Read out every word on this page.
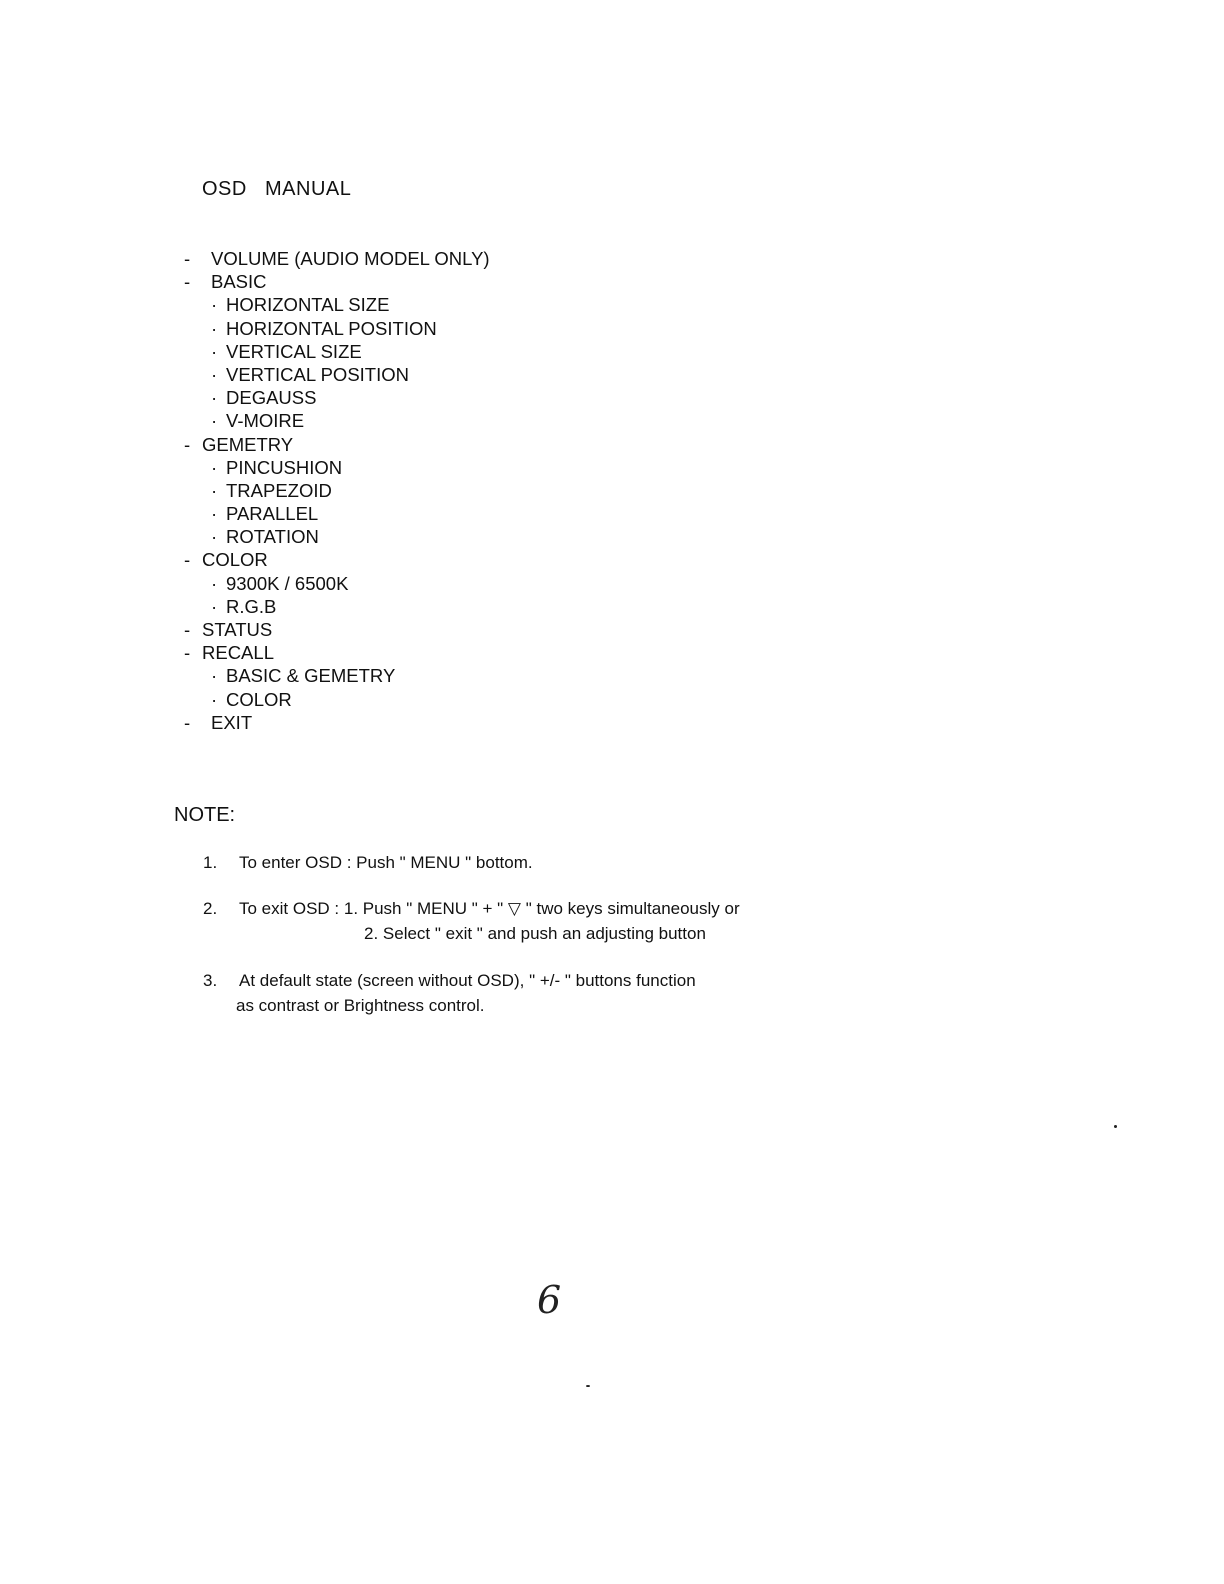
OSD   MANUAL
- VOLUME (AUDIO MODEL ONLY)
- BASIC
· HORIZONTAL SIZE
· HORIZONTAL POSITION
· VERTICAL SIZE
· VERTICAL POSITION
· DEGAUSS
· V-MOIRE
- GEMETRY
· PINCUSHION
· TRAPEZOID
· PARALLEL
· ROTATION
- COLOR
· 9300K / 6500K
· R.G.B
- STATUS
- RECALL
· BASIC & GEMETRY
· COLOR
- EXIT
NOTE:
1. To enter OSD : Push " MENU " bottom.
2. To exit OSD : 1. Push " MENU " + " ▽ " two keys simultaneously or
2. Select " exit " and push an adjusting button
3. At default state (screen without OSD), " +/- " buttons function
as contrast or Brightness control.
6
